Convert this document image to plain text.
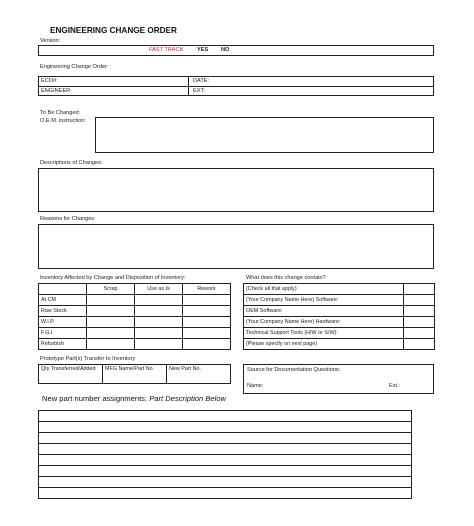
ENGINEERING CHANGE ORDER
Version:
FAST TRACK YES NO
Engineering Change Order:
ECO#:	DATE:
ENGINEER:	EXT:
To Be Changed:
O.E.M. instruction:
Descriptions of Changes:
Reasons for Changes:
Inventory Affected by Change and Disposition of Inventory:
	Scrap	Use as Is	Rework
At CM			
Raw Stock			
W.I.P.			
F.G.I.			
Refurbish			
What does this change contain?
(Check all that apply)	
(Your Company Name Here) Software:	
OEM Software:	
(Your Company Name Here) Hardware:	
Technical Support Tools (H/W or S/W):	
(Please specify on next page)	
Prototype Part(s) Transfer to Inventory
Qty Transferred/Added	MFG Name/Part No.	New Part No.	Source for Documentation Questions:
Name:	Ext.:
New part number assignments: Part Description Below
